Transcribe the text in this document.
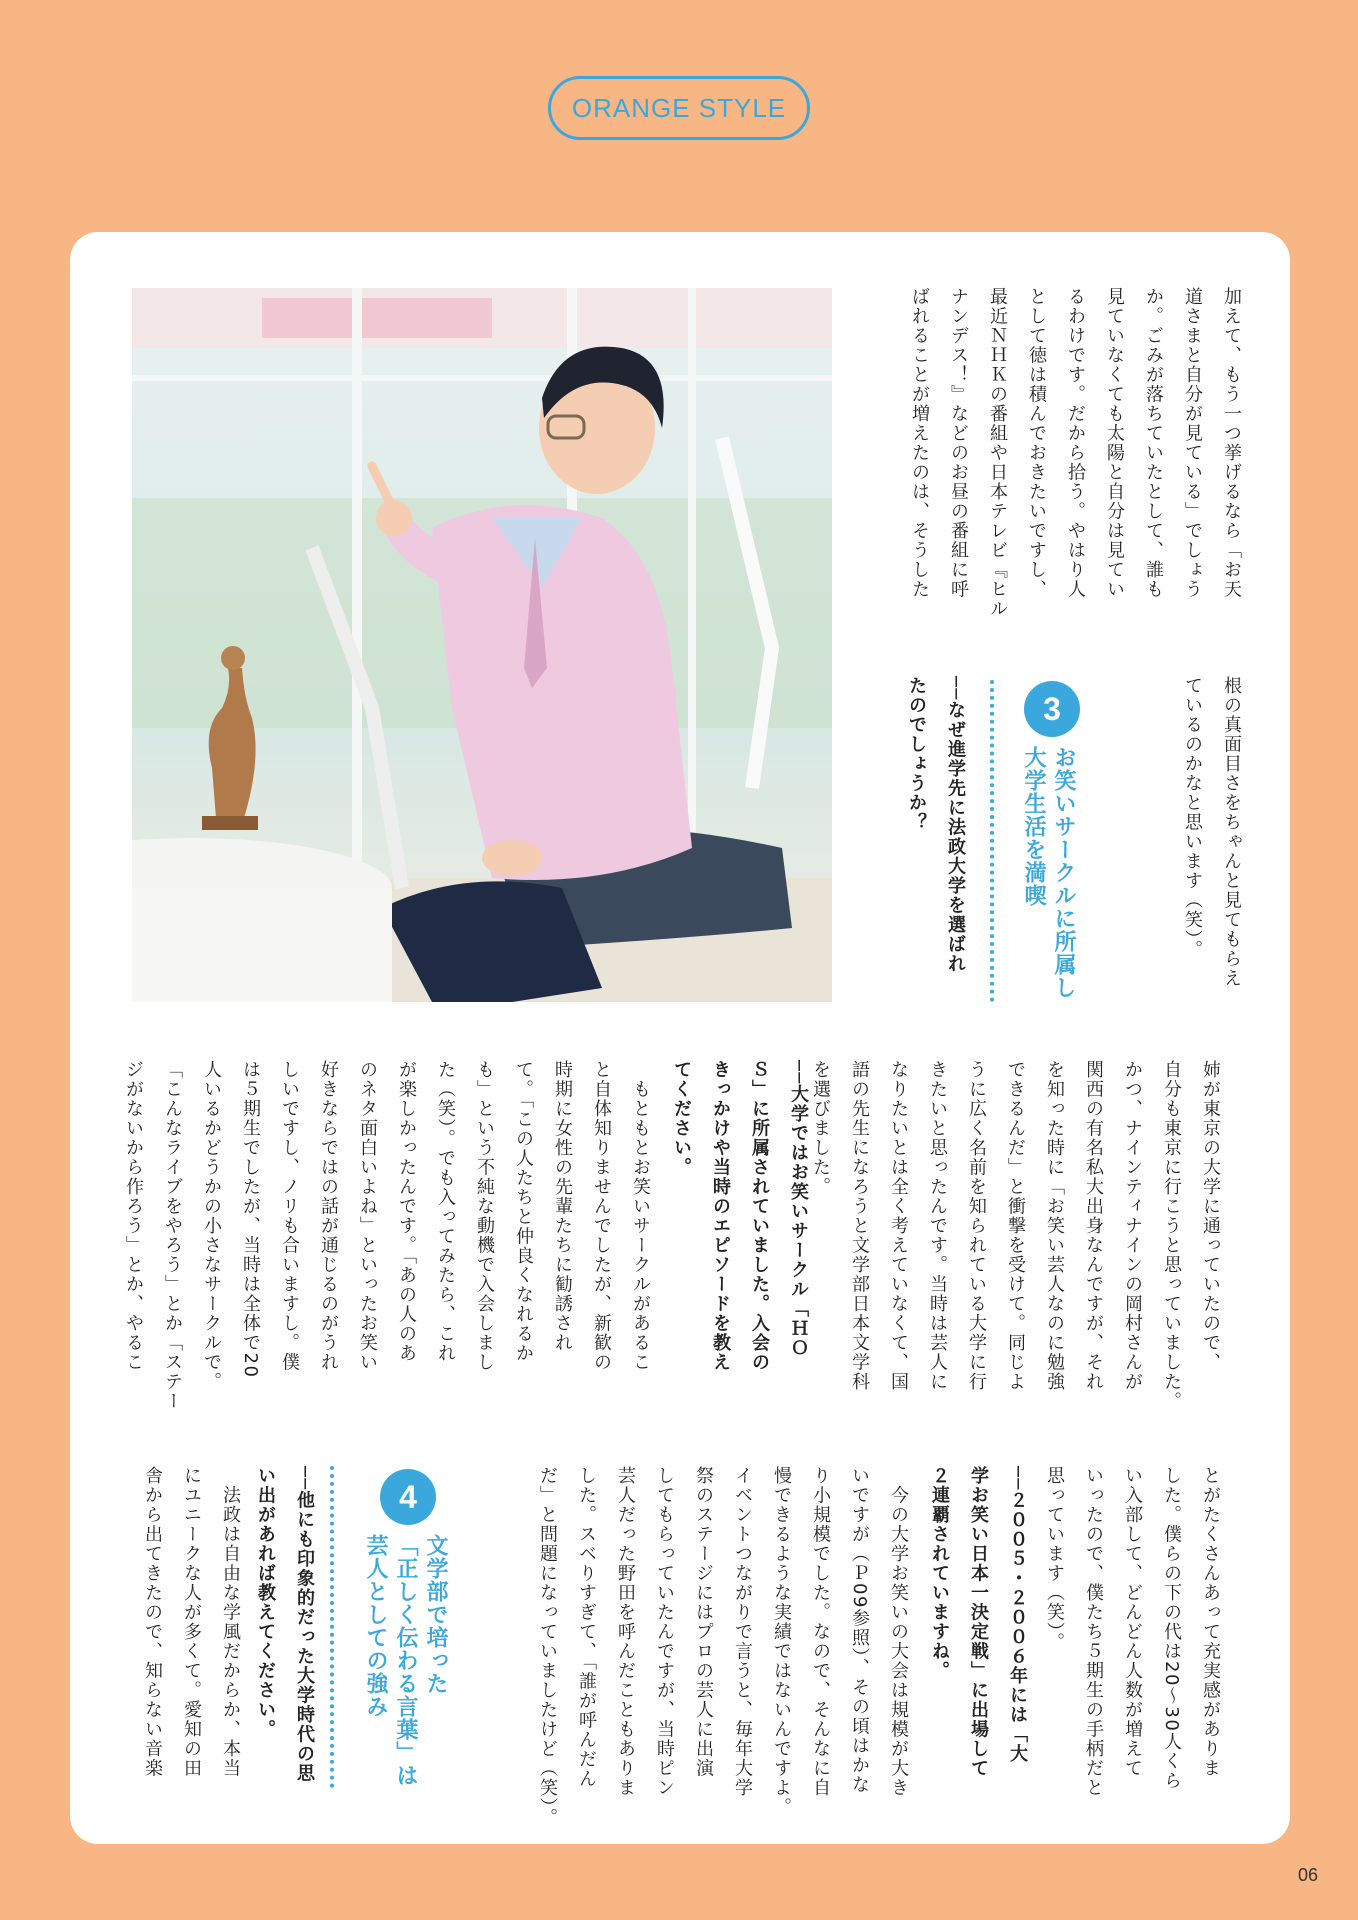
ORANGE STYLE
加えて、もう一つ挙げるなら「お天
道さまと自分が見ている」でしょう
か。ごみが落ちていたとして、誰も
見ていなくても太陽と自分は見てい
るわけです。だから拾う。やはり人
として徳は積んでおきたいですし、
最近ＮＨＫの番組や日本テレビ『ヒル
ナンデス！』などのお昼の番組に呼
ばれることが増えたのは、そうした
根の真面目さをちゃんと見てもらえ
ているのかなと思います（笑）。
3
お笑いサークルに所属し
大学生活を満喫
──なぜ進学先に法政大学を選ばれ
たのでしょうか？
姉が東京の大学に通っていたので、
自分も東京に行こうと思っていました。
かつ、ナインティナインの岡村さんが
関西の有名私大出身なんですが、それ
を知った時に「お笑い芸人なのに勉強
できるんだ」と衝撃を受けて。同じよ
うに広く名前を知られている大学に行
きたいと思ったんです。当時は芸人に
なりたいとは全く考えていなくて、国
語の先生になろうと文学部日本文学科
を選びました。
──大学ではお笑いサークル「ＨＯ
Ｓ」に所属されていました。入会の
きっかけや当時のエピソードを教え
てください。
　もともとお笑いサークルがあるこ
と自体知りませんでしたが、新歓の
時期に女性の先輩たちに勧誘され
て。「この人たちと仲良くなれるか
も」という不純な動機で入会しまし
た（笑）。でも入ってみたら、これ
が楽しかったんです。「あの人のあ
のネタ面白いよね」といったお笑い
好きならではの話が通じるのがうれ
しいですし、ノリも合いますし。僕
は５期生でしたが、当時は全体で20
人いるかどうかの小さなサークルで。
「こんなライブをやろう」とか「ステー
ジがないから作ろう」とか、やるこ
とがたくさんあって充実感がありま
した。僕らの下の代は20〜30人くら
い入部して、どんどん人数が増えて
いったので、僕たち５期生の手柄だと
思っています（笑）。
──２００５・２００６年には「大
学お笑い日本一決定戦」に出場して
２連覇されていますね。
　今の大学お笑いの大会は規模が大き
いですが（Ｐ09参照）、その頃はかな
り小規模でした。なので、そんなに自
慢できるような実績ではないんですよ。
イベントつながりで言うと、毎年大学
祭のステージにはプロの芸人に出演
してもらっていたんですが、当時ピン
芸人だった野田を呼んだこともありま
した。スベりすぎて、「誰が呼んだん
だ」と問題になっていましたけど（笑）。
4
文学部で培った
「正しく伝わる言葉」は
芸人としての強み
──他にも印象的だった大学時代の思
い出があれば教えてください。
　法政は自由な学風だからか、本当
にユニークな人が多くて。愛知の田
舎から出てきたので、知らない音楽
06
